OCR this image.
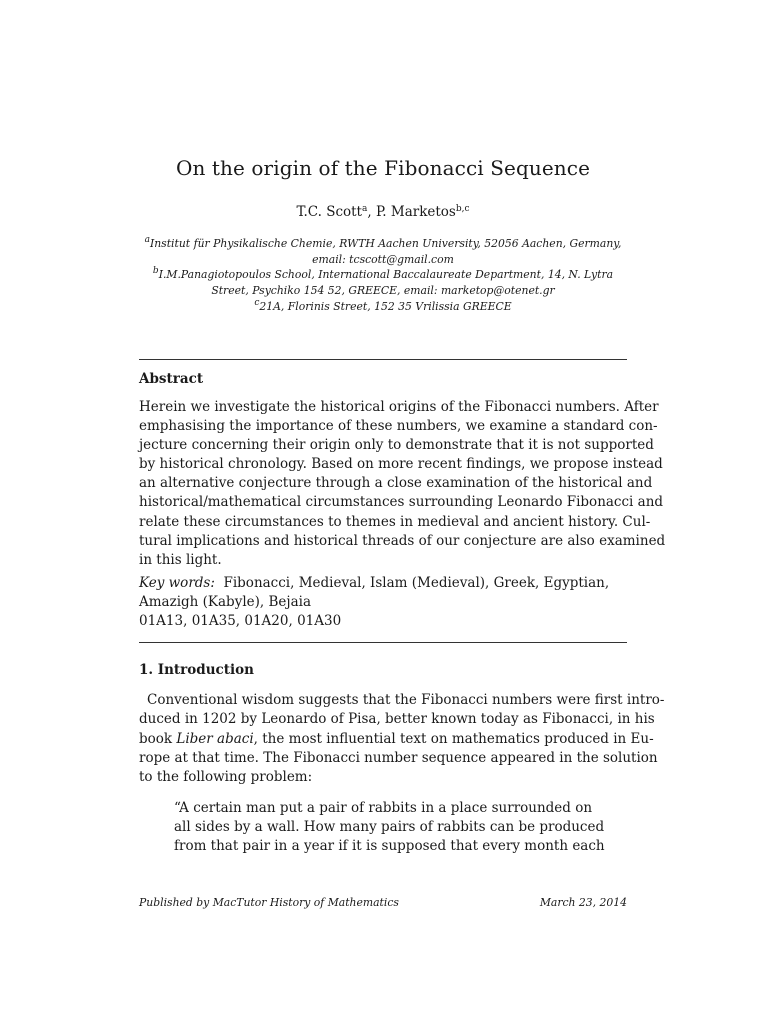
On the origin of the Fibonacci Sequence
T.C. Scott$^a$, P. Marketos$^{b,c}$
$^a$Institut für Physikalische Chemie, RWTH Aachen University, 52056 Aachen, Germany,
email: tcscott@gmail.com
$^b$I.M.Panagiotopoulos School, International Baccalaureate Department, 14, N. Lytra
Street, Psychiko 154 52, GREECE, email: marketop@otenet.gr
$^c$21A, Florinis Street, 152 35 Vrilissia GREECE
Abstract
Herein we investigate the historical origins of the Fibonacci numbers. After
emphasising the importance of these numbers, we examine a standard con-
jecture concerning their origin only to demonstrate that it is not supported
by historical chronology. Based on more recent findings, we propose instead
an alternative conjecture through a close examination of the historical and
historical/mathematical circumstances surrounding Leonardo Fibonacci and
relate these circumstances to themes in medieval and ancient history. Cul-
tural implications and historical threads of our conjecture are also examined
in this light.
Key words: Fibonacci, Medieval, Islam (Medieval), Greek, Egyptian,
Amazigh (Kabyle), Bejaia
01A13, 01A35, 01A20, 01A30
1. Introduction
Conventional wisdom suggests that the Fibonacci numbers were first intro-
duced in 1202 by Leonardo of Pisa, better known today as Fibonacci, in his
book Liber abaci, the most influential text on mathematics produced in Eu-
rope at that time. The Fibonacci number sequence appeared in the solution
to the following problem:
“A certain man put a pair of rabbits in a place surrounded on
all sides by a wall. How many pairs of rabbits can be produced
from that pair in a year if it is supposed that every month each
Published by MacTutor History of Mathematics	March 23, 2014
